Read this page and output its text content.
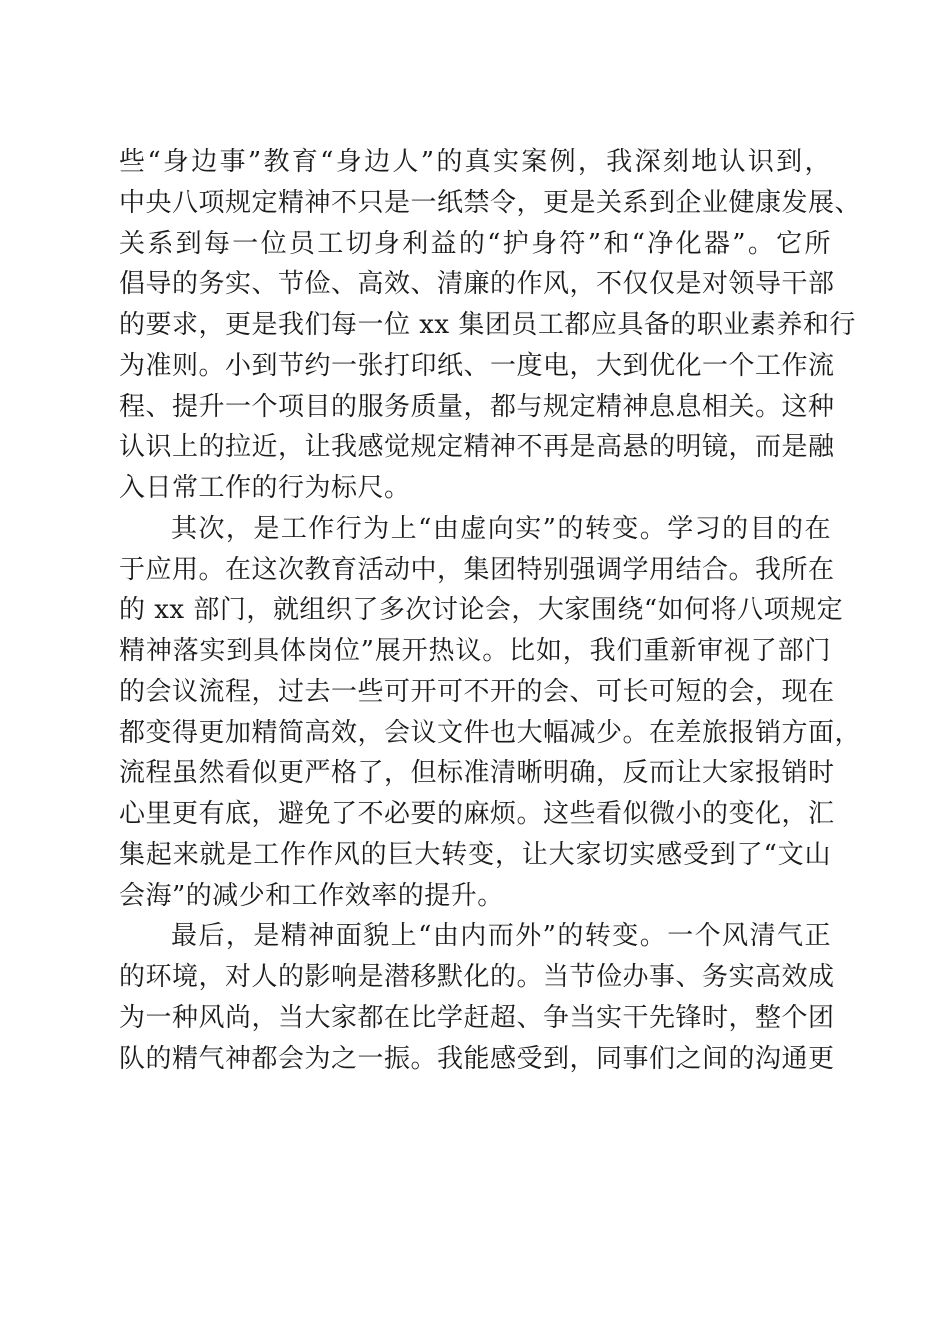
些“身边事”教育“身边人”的真实案例，我深刻地认识到，
中央八项规定精神不只是一纸禁令，更是关系到企业健康发展、
关系到每一位员工切身利益的“护身符”和“净化器”。它所
倡导的务实、节俭、高效、清廉的作风，不仅仅是对领导干部
的要求，更是我们每一位 xx 集团员工都应具备的职业素养和行
为准则。小到节约一张打印纸、一度电，大到优化一个工作流
程、提升一个项目的服务质量，都与规定精神息息相关。这种
认识上的拉近，让我感觉规定精神不再是高悬的明镜，而是融
入日常工作的行为标尺。
其次，是工作行为上“由虚向实”的转变。学习的目的在
于应用。在这次教育活动中，集团特别强调学用结合。我所在
的 xx 部门，就组织了多次讨论会，大家围绕“如何将八项规定
精神落实到具体岗位”展开热议。比如，我们重新审视了部门
的会议流程，过去一些可开可不开的会、可长可短的会，现在
都变得更加精简高效，会议文件也大幅减少。在差旅报销方面，
流程虽然看似更严格了，但标准清晰明确，反而让大家报销时
心里更有底，避免了不必要的麻烦。这些看似微小的变化，汇
集起来就是工作作风的巨大转变，让大家切实感受到了“文山
会海”的减少和工作效率的提升。
最后，是精神面貌上“由内而外”的转变。一个风清气正
的环境，对人的影响是潜移默化的。当节俭办事、务实高效成
为一种风尚，当大家都在比学赶超、争当实干先锋时，整个团
队的精气神都会为之一振。我能感受到，同事们之间的沟通更
